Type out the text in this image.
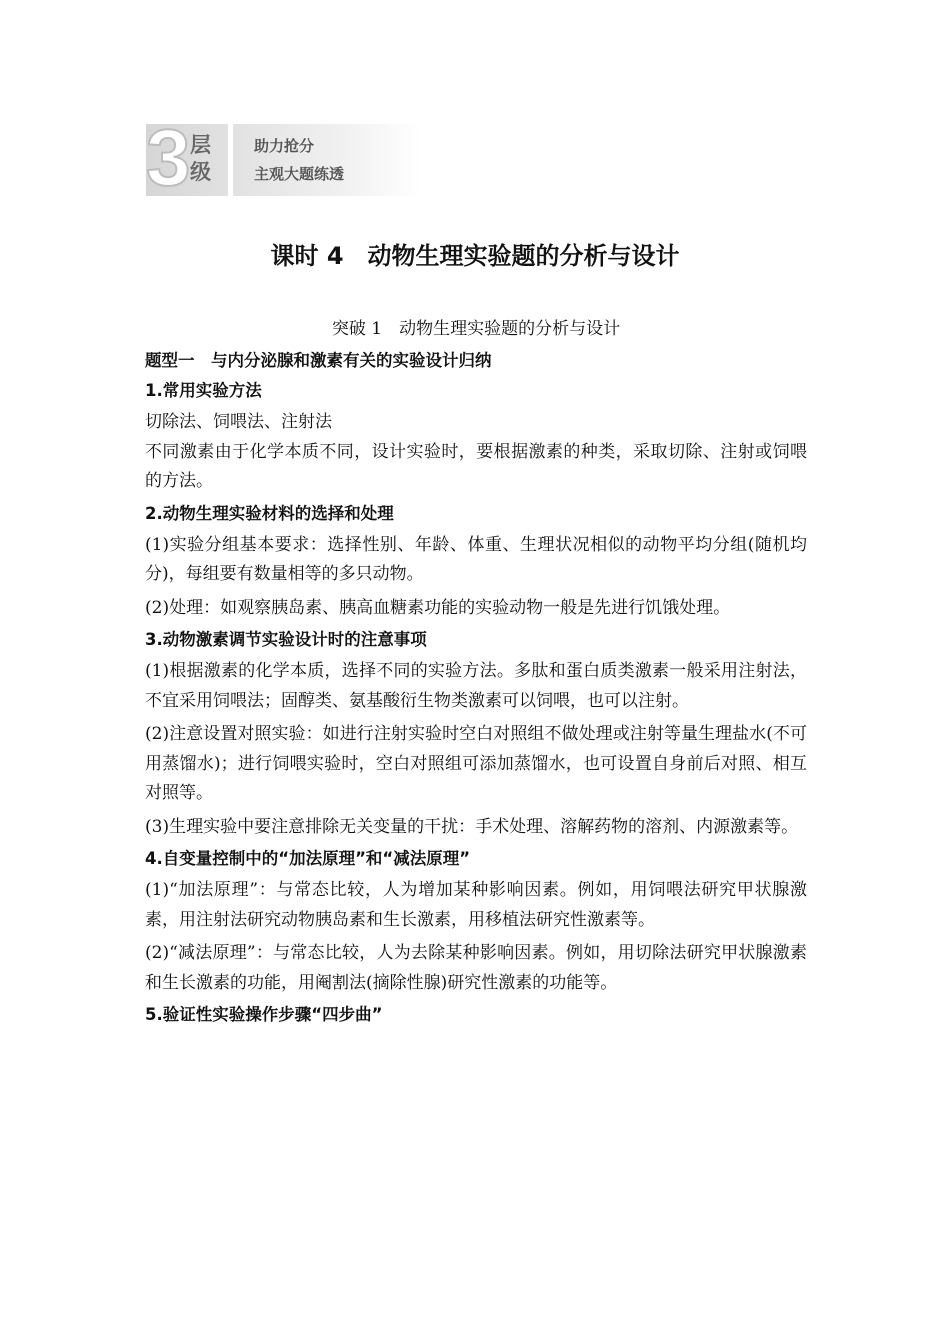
3 层级
助力抢分
主观大题练透
课时 4　动物生理实验题的分析与设计
突破 1　动物生理实验题的分析与设计
题型一　与内分泌腺和激素有关的实验设计归纳
1.常用实验方法
切除法、饲喂法、注射法
不同激素由于化学本质不同，设计实验时，要根据激素的种类，采取切除、注射或饲喂的方法。
2.动物生理实验材料的选择和处理
(1)实验分组基本要求：选择性别、年龄、体重、生理状况相似的动物平均分组(随机均分)，每组要有数量相等的多只动物。
(2)处理：如观察胰岛素、胰高血糖素功能的实验动物一般是先进行饥饿处理。
3.动物激素调节实验设计时的注意事项
(1)根据激素的化学本质，选择不同的实验方法。多肽和蛋白质类激素一般采用注射法，不宜采用饲喂法；固醇类、氨基酸衍生物类激素可以饲喂，也可以注射。
(2)注意设置对照实验：如进行注射实验时空白对照组不做处理或注射等量生理盐水(不可用蒸馏水)；进行饲喂实验时，空白对照组可添加蒸馏水，也可设置自身前后对照、相互对照等。
(3)生理实验中要注意排除无关变量的干扰：手术处理、溶解药物的溶剂、内源激素等。
4.自变量控制中的“加法原理”和“减法原理”
(1)“加法原理”：与常态比较，人为增加某种影响因素。例如，用饲喂法研究甲状腺激素，用注射法研究动物胰岛素和生长激素，用移植法研究性激素等。
(2)“减法原理”：与常态比较，人为去除某种影响因素。例如，用切除法研究甲状腺激素和生长激素的功能，用阉割法(摘除性腺)研究性激素的功能等。
5.验证性实验操作步骤“四步曲”
